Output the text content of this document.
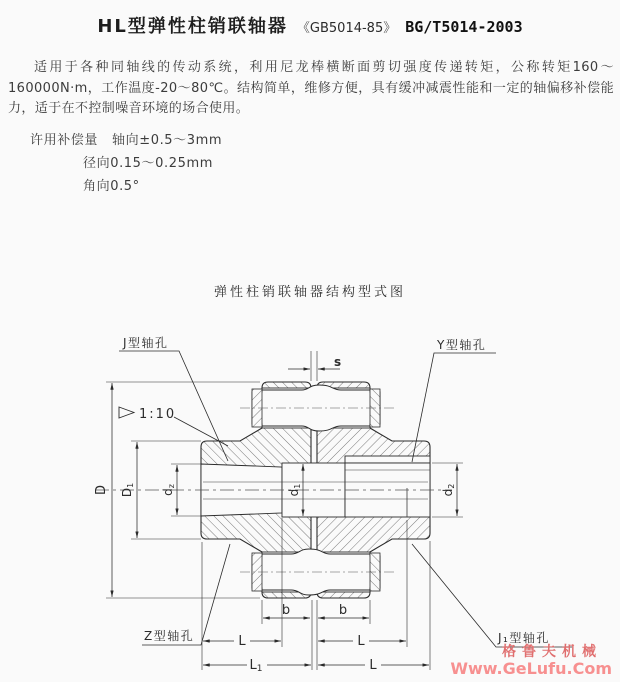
HL型弹性柱销联轴器 《GB5014-85》 BG/T5014-2003

适用于各种同轴线的传动系统，利用尼龙棒横断面剪切强度传递转矩，公称转矩160～160000N·m，工作温度-20～80℃。结构简单，维修方便，具有缓冲减震性能和一定的轴偏移补偿能力，适于在不控制噪音环境的场合使用。

许用补偿量 轴向±0.5～3mm
径向0.15～0.25mm
角向0.5°
弹性柱销联轴器结构型式图
D D1
dz
d1
d2
s
b	b
L	L
L1	L
J型轴孔	Y型轴孔
Z型轴孔	J₁型轴孔
1:10
格鲁夫机械
Www.GeLufu.Com
